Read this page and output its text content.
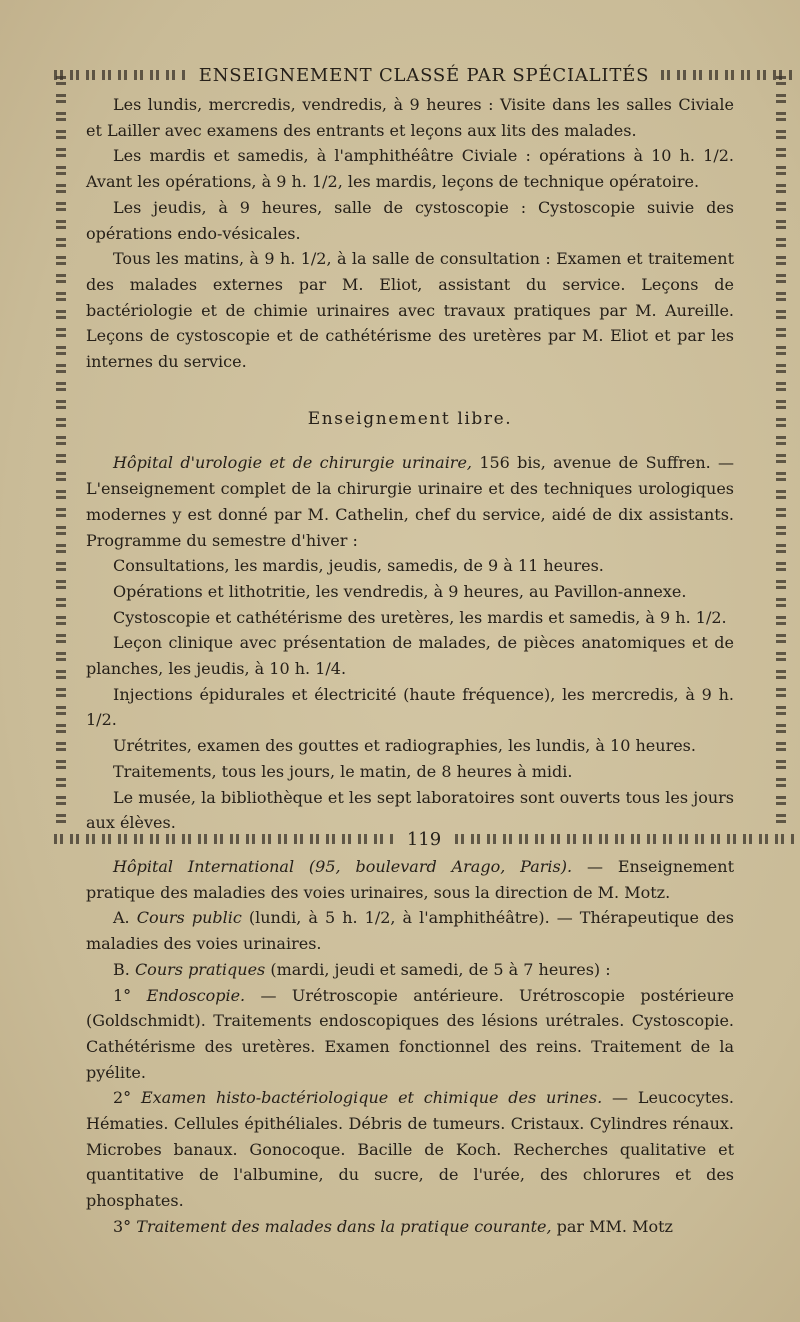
ENSEIGNEMENT CLASSÉ PAR SPÉCIALITÉS

Les lundis, mercredis, vendredis, à 9 heures : Visite dans les salles Civiale et Lailler avec examens des entrants et leçons aux lits des malades.

Les mardis et samedis, à l'amphithéâtre Civiale : opérations à 10 h. 1/2. Avant les opérations, à 9 h. 1/2, les mardis, leçons de technique opératoire.

Les jeudis, à 9 heures, salle de cystoscopie : Cystoscopie suivie des opérations endo-vésicales.

Tous les matins, à 9 h. 1/2, à la salle de consultation : Examen et traitement des malades externes par M. Eliot, assistant du service. Leçons de bactériologie et de chimie urinaires avec travaux pratiques par M. Aureille. Leçons de cystoscopie et de cathétérisme des uretères par M. Eliot et par les internes du service.

Enseignement libre.

Hôpital d'urologie et de chirurgie urinaire, 156 bis, avenue de Suffren. — L'enseignement complet de la chirurgie urinaire et des techniques urologiques modernes y est donné par M. Cathelin, chef du service, aidé de dix assistants. Programme du semestre d'hiver :

Consultations, les mardis, jeudis, samedis, de 9 à 11 heures.

Opérations et lithotritie, les vendredis, à 9 heures, au Pavillon-annexe.

Cystoscopie et cathétérisme des uretères, les mardis et samedis, à 9 h. 1/2.

Leçon clinique avec présentation de malades, de pièces anatomiques et de planches, les jeudis, à 10 h. 1/4.

Injections épidurales et électricité (haute fréquence), les mercredis, à 9 h. 1/2.

Urétrites, examen des gouttes et radiographies, les lundis, à 10 heures.

Traitements, tous les jours, le matin, de 8 heures à midi.

Le musée, la bibliothèque et les sept laboratoires sont ouverts tous les jours aux élèves.

Hôpital International (95, boulevard Arago, Paris). — Enseignement pratique des maladies des voies urinaires, sous la direction de M. Motz.

A. Cours public (lundi, à 5 h. 1/2, à l'amphithéâtre). — Thérapeutique des maladies des voies urinaires.

B. Cours pratiques (mardi, jeudi et samedi, de 5 à 7 heures) :

1° Endoscopie. — Urétroscopie antérieure. Urétroscopie postérieure (Goldschmidt). Traitements endoscopiques des lésions urétrales. Cystoscopie. Cathétérisme des uretères. Examen fonctionnel des reins. Traitement de la pyélite.

2° Examen histo-bactériologique et chimique des urines. — Leucocytes. Hématies. Cellules épithéliales. Débris de tumeurs. Cristaux. Cylindres rénaux. Microbes banaux. Gonocoque. Bacille de Koch. Recherches qualitative et quantitative de l'albumine, du sucre, de l'urée, des chlorures et des phosphates.

3° Traitement des malades dans la pratique courante, par MM. Motz

119
